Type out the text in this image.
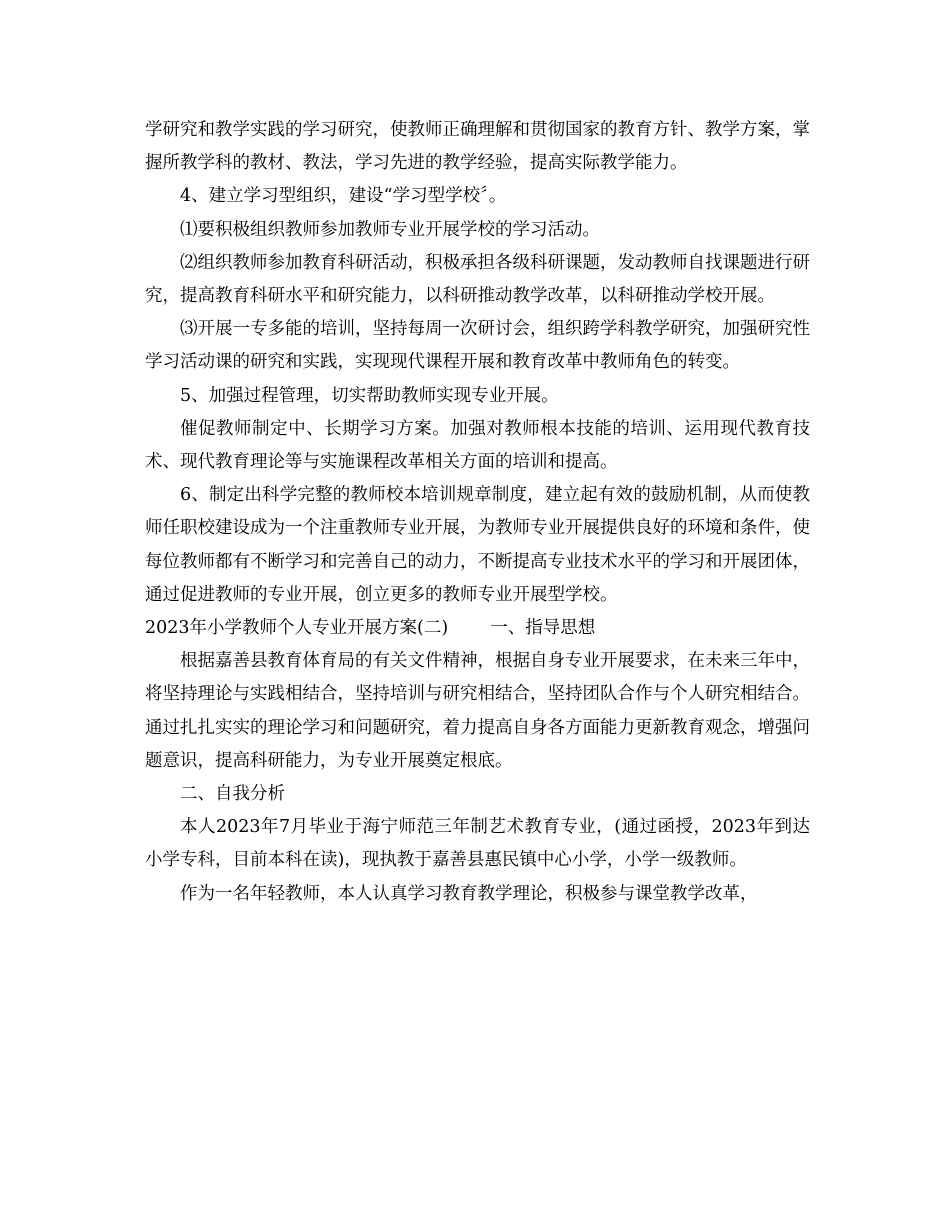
学研究和教学实践的学习研究，使教师正确理解和贯彻国家的教育方针、教学方案，掌握所教学科的教材、教法，学习先进的教学经验，提高实际教学能力。

4、建立学习型组织，建设“学习型学校〞。

⑴要积极组织教师参加教师专业开展学校的学习活动。

⑵组织教师参加教育科研活动，积极承担各级科研课题，发动教师自找课题进行研究，提高教育科研水平和研究能力，以科研推动教学改革，以科研推动学校开展。

⑶开展一专多能的培训，坚持每周一次研讨会，组织跨学科教学研究，加强研究性学习活动课的研究和实践，实现现代课程开展和教育改革中教师角色的转变。

5、加强过程管理，切实帮助教师实现专业开展。

催促教师制定中、长期学习方案。加强对教师根本技能的培训、运用现代教育技术、现代教育理论等与实施课程改革相关方面的培训和提高。

6、制定出科学完整的教师校本培训规章制度，建立起有效的鼓励机制，从而使教师任职校建设成为一个注重教师专业开展，为教师专业开展提供良好的环境和条件，使每位教师都有不断学习和完善自己的动力，不断提高专业技术水平的学习和开展团体，通过促进教师的专业开展，创立更多的教师专业开展型学校。

2023年小学教师个人专业开展方案(二) 一、指导思想

根据嘉善县教育体育局的有关文件精神，根据自身专业开展要求，在未来三年中，将坚持理论与实践相结合，坚持培训与研究相结合，坚持团队合作与个人研究相结合。通过扎扎实实的理论学习和问题研究，着力提高自身各方面能力更新教育观念，增强问题意识，提高科研能力，为专业开展奠定根底。

二、自我分析

本人2023年7月毕业于海宁师范三年制艺术教育专业，(通过函授，2023年到达小学专科，目前本科在读)，现执教于嘉善县惠民镇中心小学，小学一级教师。

作为一名年轻教师，本人认真学习教育教学理论，积极参与课堂教学改革，
